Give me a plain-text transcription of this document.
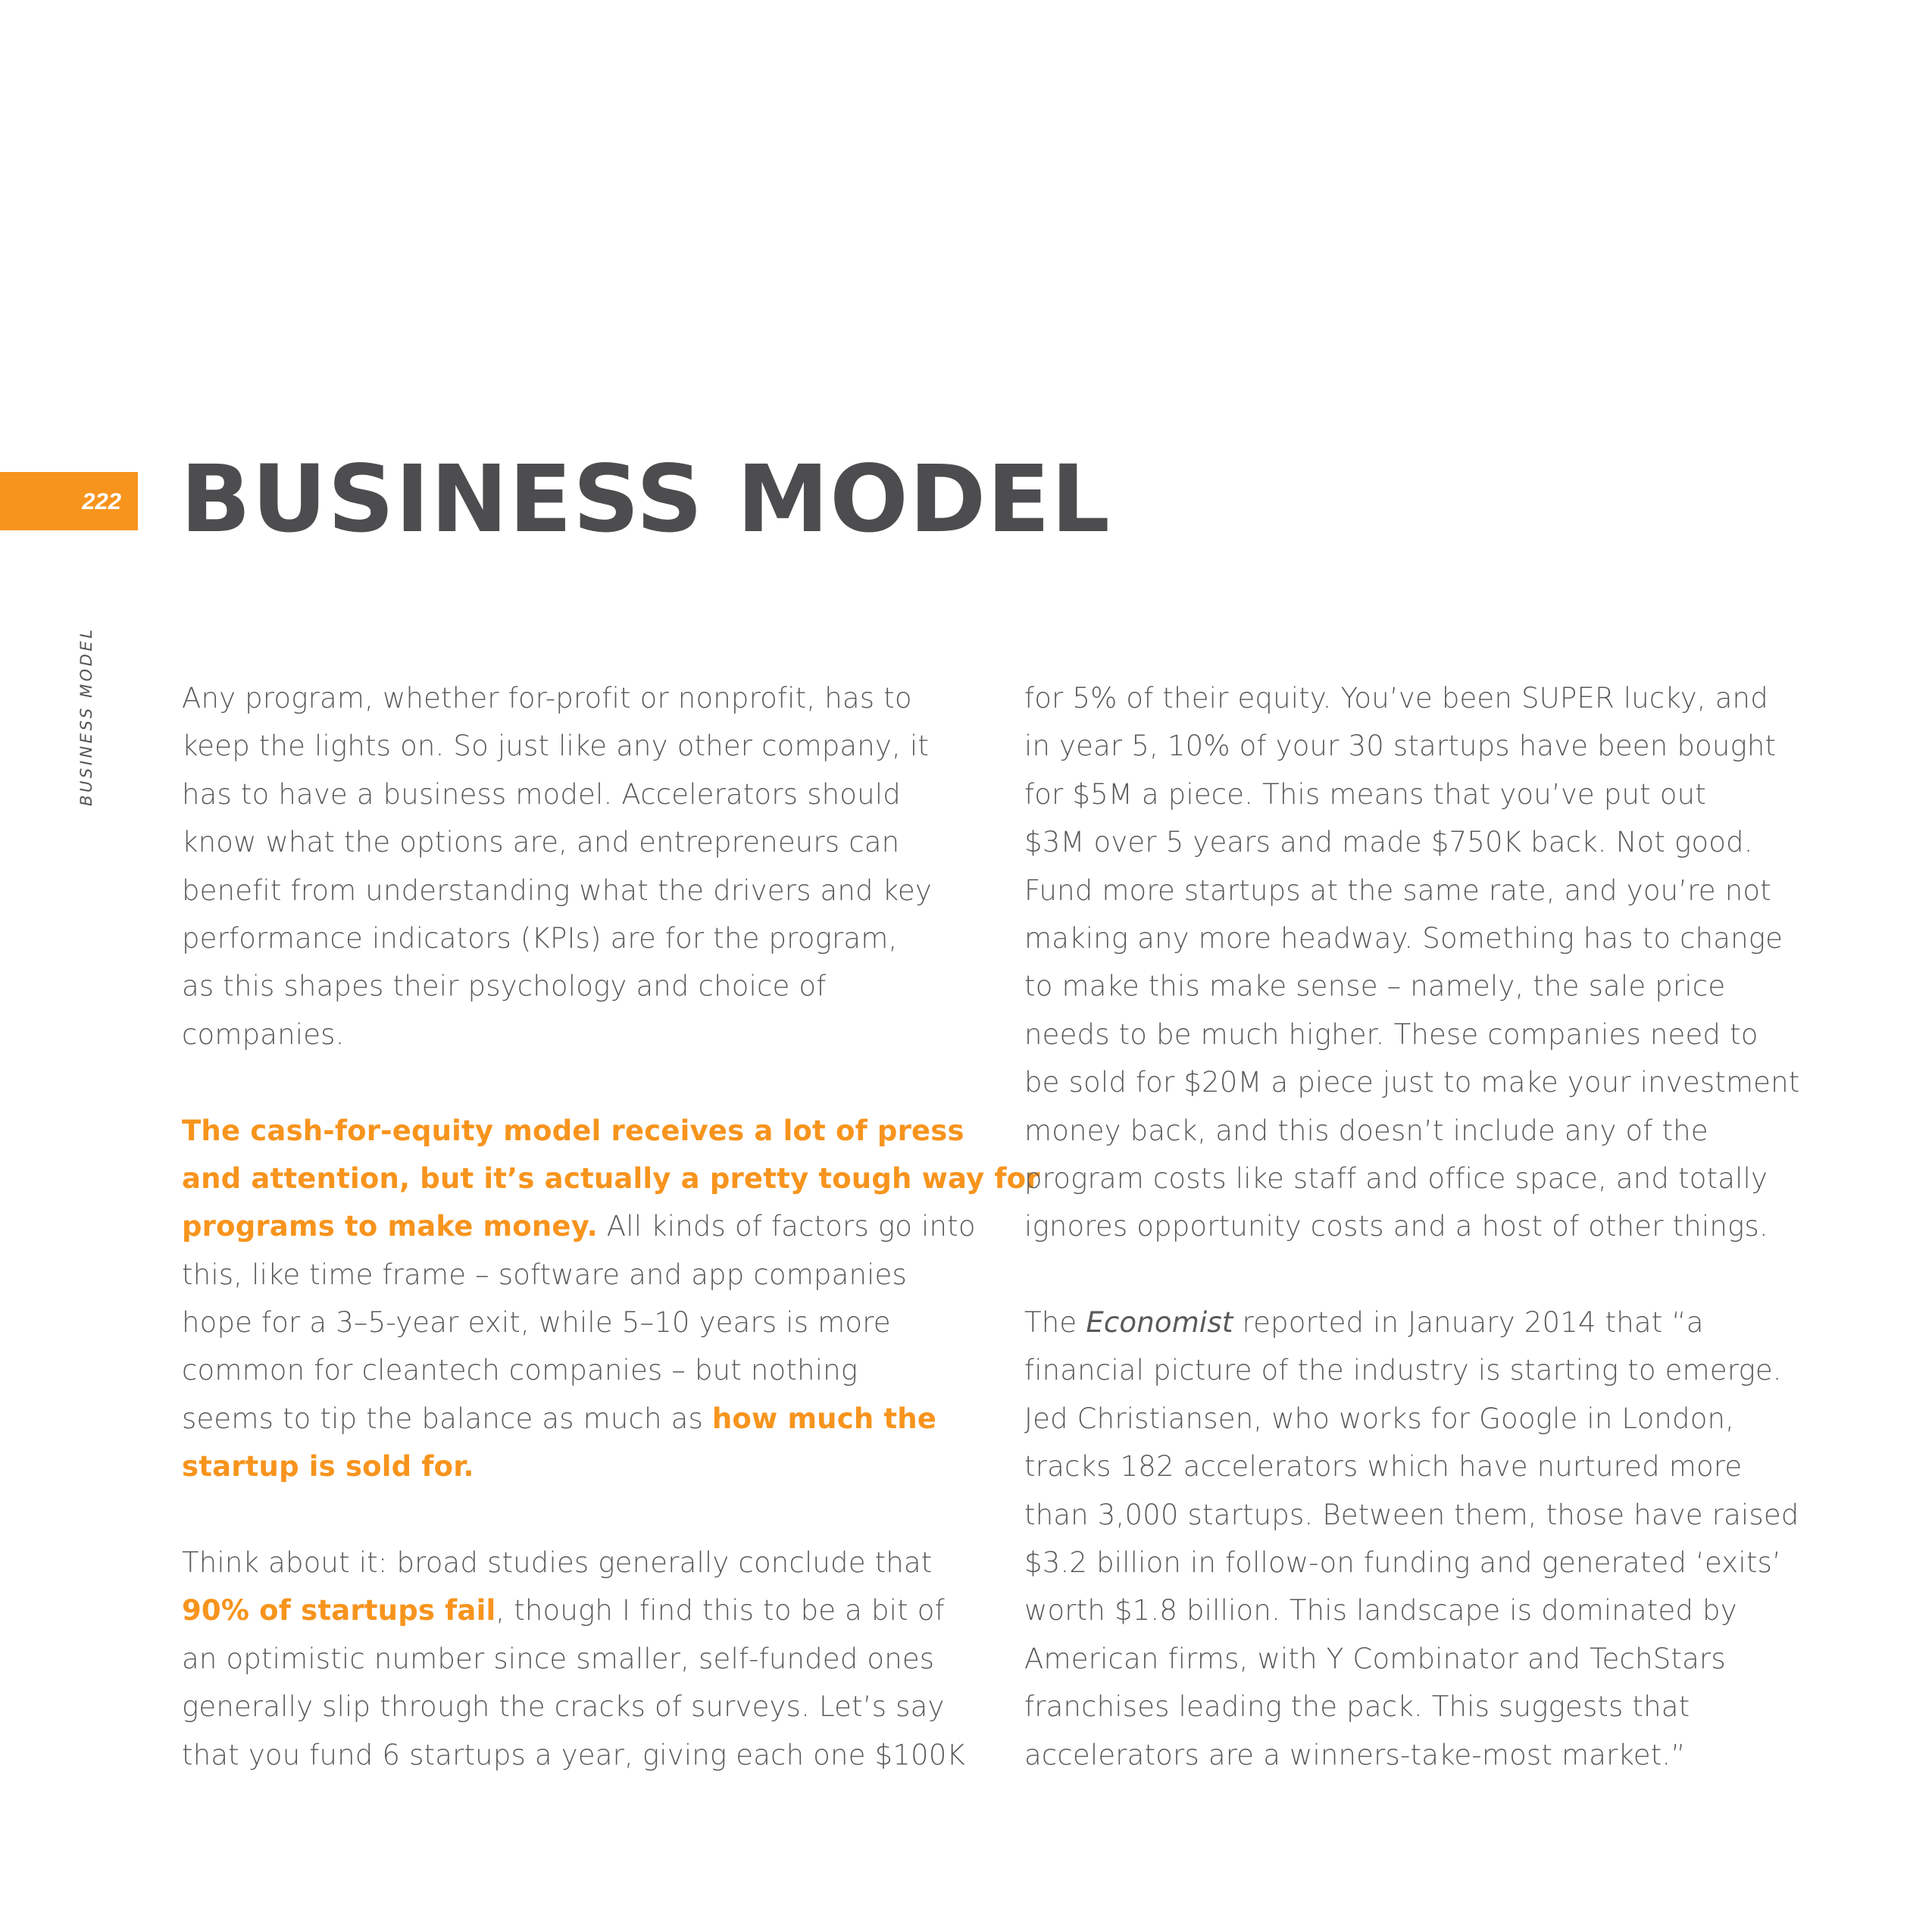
222 BUSINESS MODEL
BUSINESS MODEL	Any program, whether for-profit or nonprofit, has to
keep the lights on. So just like any other company, it
has to have a business model. Accelerators should
know what the options are, and entrepreneurs can
benefit from understanding what the drivers and key
performance indicators (KPIs) are for the program,
as this shapes their psychology and choice of
companies.
The cash-for-equity model receives a lot of press
and attention, but it’s actually a pretty tough way for
programs to make money. All kinds of factors go into
this, like time frame – software and app companies
hope for a 3–5-year exit, while 5–10 years is more
common for cleantech companies – but nothing
seems to tip the balance as much as how much the
startup is sold for.
Think about it: broad studies generally conclude that
90% of startups fail, though I find this to be a bit of
an optimistic number since smaller, self-funded ones
generally slip through the cracks of surveys. Let’s say
that you fund 6 startups a year, giving each one $100K
for 5% of their equity. You’ve been SUPER lucky, and
in year 5, 10% of your 30 startups have been bought
for $5M a piece. This means that you’ve put out
$3M over 5 years and made $750K back. Not good.
Fund more startups at the same rate, and you’re not
making any more headway. Something has to change
to make this make sense – namely, the sale price
needs to be much higher. These companies need to
be sold for $20M a piece just to make your investment
money back, and this doesn’t include any of the
program costs like staff and office space, and totally
ignores opportunity costs and a host of other things.
The Economist reported in January 2014 that “a
financial picture of the industry is starting to emerge.
Jed Christiansen, who works for Google in London,
tracks 182 accelerators which have nurtured more
than 3,000 startups. Between them, those have raised
$3.2 billion in follow-on funding and generated ‘exits’
worth $1.8 billion. This landscape is dominated by
American firms, with Y Combinator and TechStars
franchises leading the pack. This suggests that
accelerators are a winners-take-most market.”
